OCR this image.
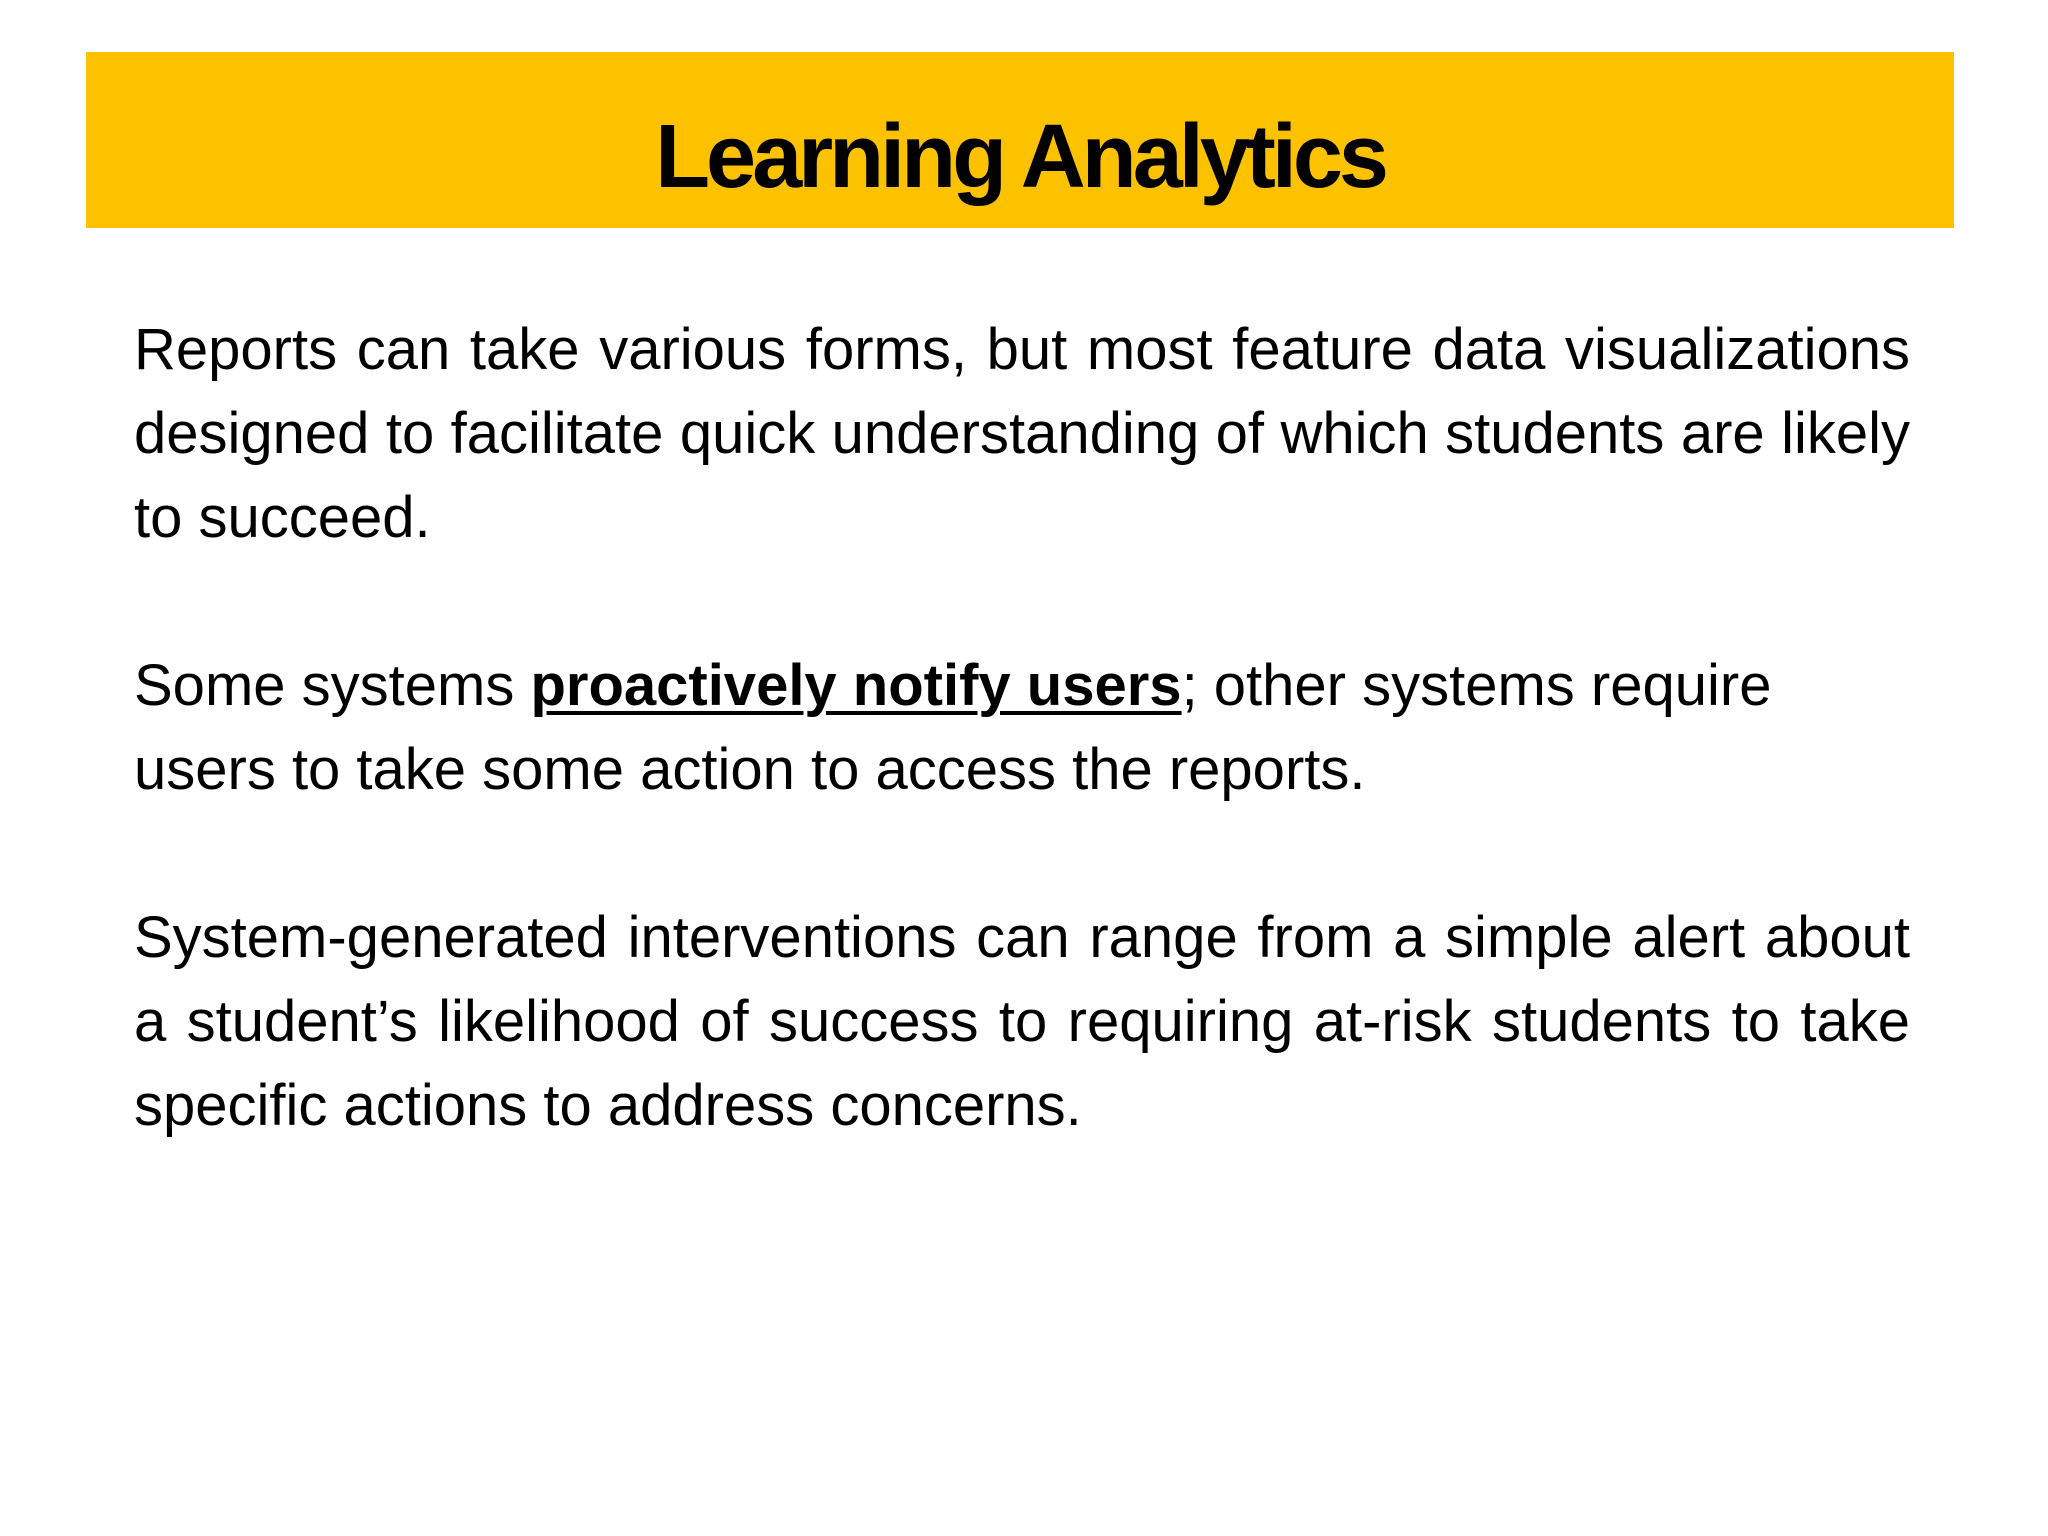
Learning Analytics

Reports can take various forms, but most feature data visualizations designed to facilitate quick understanding of which students are likely to succeed.

Some systems proactively notify users; other systems require users to take some action to access the reports.

System-generated interventions can range from a simple alert about a student’s likelihood of success to requiring at-risk students to take specific actions to address concerns.
